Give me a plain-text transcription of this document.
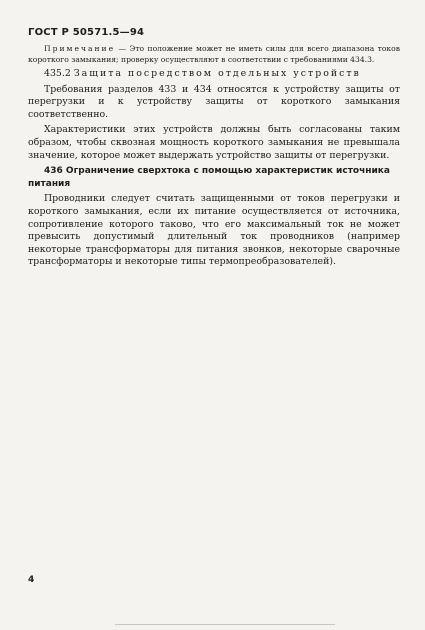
ГОСТ Р 50571.5—94

Примечание — Это положение может не иметь силы для всего диапазона токов короткого замыкания; проверку осуществляют в соответствии с требованиями 434.3.

435.2 Защита посредством отдельных устройств

Требования разделов 433 и 434 относятся к устройству защиты от перегрузки и к устройству защиты от короткого замыкания соответственно.

Характеристики этих устройств должны быть согласованы таким образом, чтобы сквозная мощность короткого замыкания не превышала значение, которое может выдержать устройство защиты от перегрузки.

436 Ограничение сверхтока с помощью характеристик источника питания

Проводники следует считать защищенными от токов перегрузки и короткого замыкания, если их питание осуществляется от источника, сопротивление которого таково, что его максимальный ток не может превысить допустимый длительный ток проводников (например некоторые трансформаторы для питания звонков, некоторые сварочные трансформаторы и некоторые типы термопреобразователей).

4
